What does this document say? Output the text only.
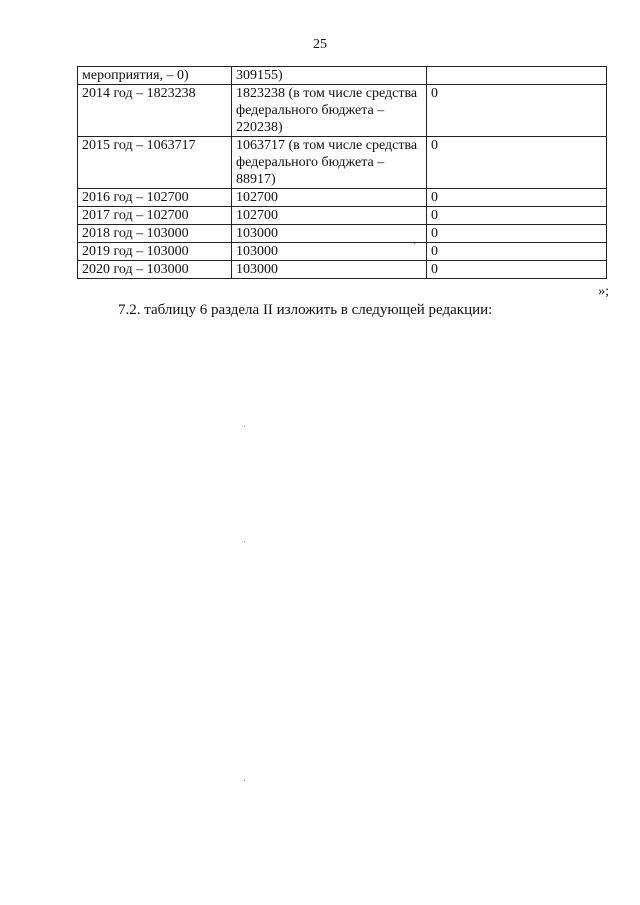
25
мероприятия, – 0)	309155)	
2014 год – 1823238	1823238 (в том числе средства федерального бюджета – 220238)	0
2015 год – 1063717	1063717 (в том числе средства федерального бюджета – 88917)	0
2016 год – 102700	102700	0
2017 год – 102700	102700	0
2018 год – 103000	103000	0
2019 год – 103000	103000	0
2020 год – 103000	103000	0
»;
7.2. таблицу 6 раздела II изложить в следующей редакции:
